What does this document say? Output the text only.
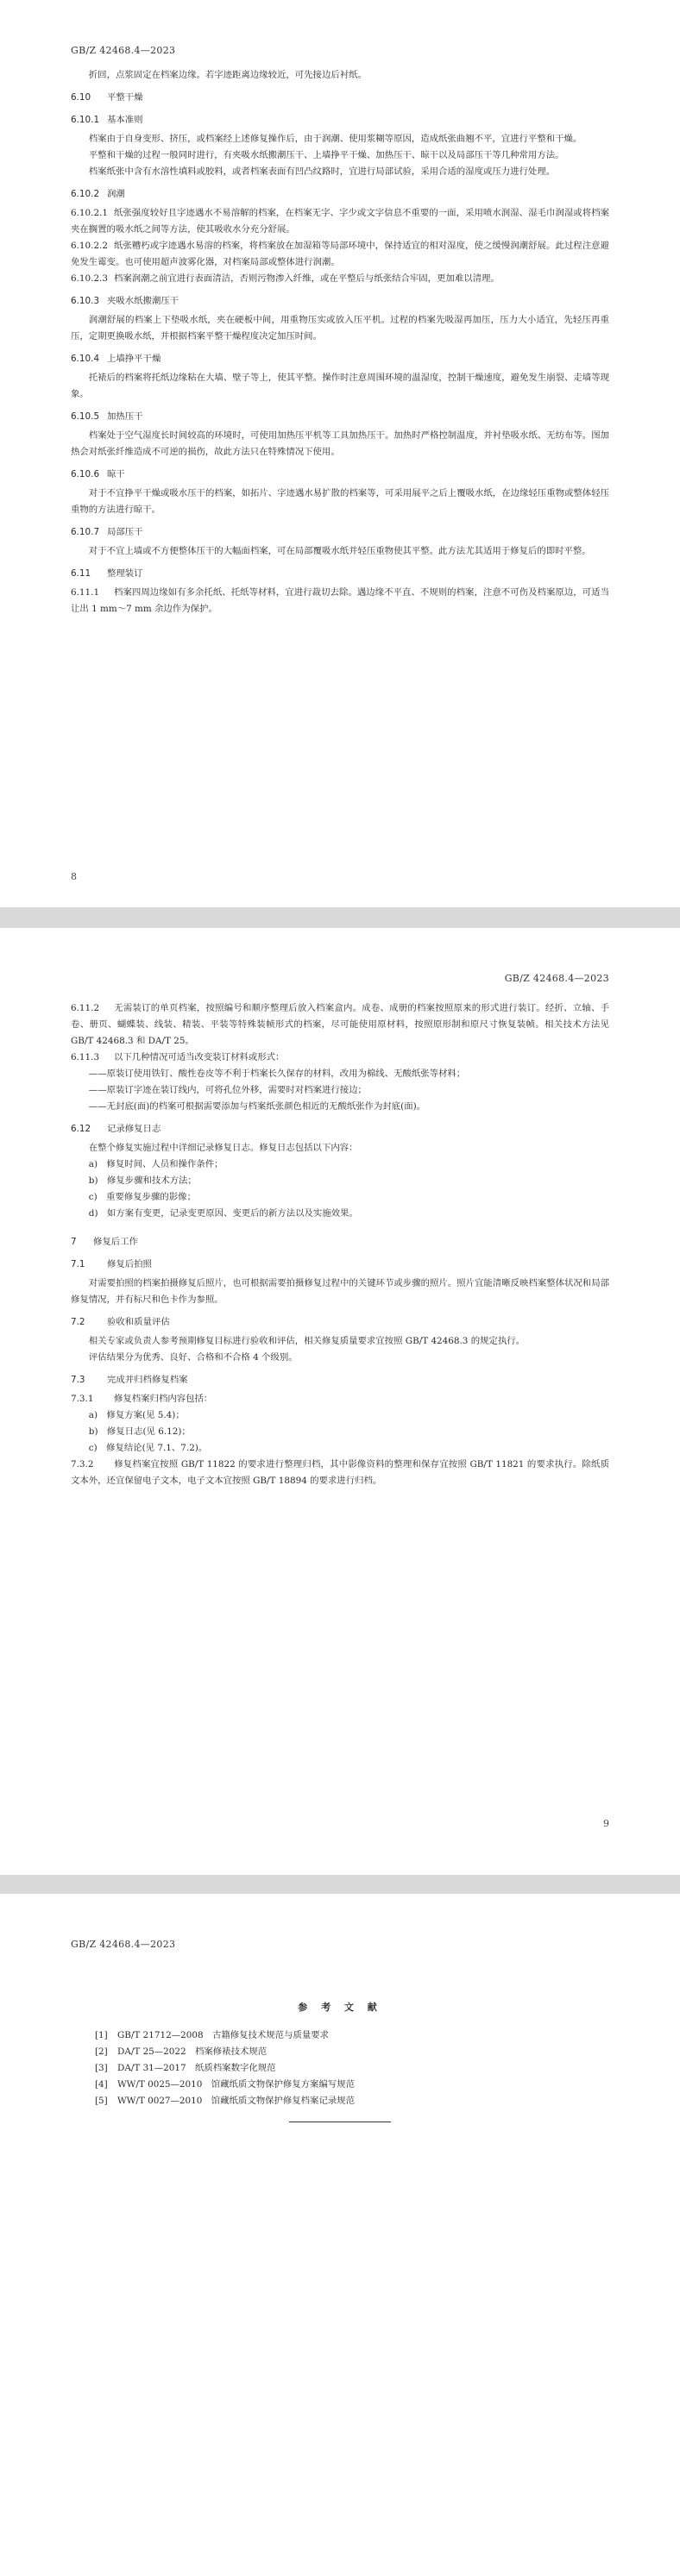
GB/Z 42468.4—2023

折回，点浆固定在档案边缘。若字迹距离边缘较近，可先接边后衬纸。

6.10 平整干燥
6.10.1 基本准则

档案由于自身变形、挤压，或档案经上述修复操作后，由于润潮、使用浆糊等原因，造成纸张曲翘不平，宜进行平整和干燥。

平整和干燥的过程一般同时进行，有夹吸水纸搬潮压干、上墙挣平干燥、加热压干、晾干以及局部压干等几种常用方法。

档案纸张中含有水溶性填料或胶料，或者档案表面有凹凸纹路时，宜进行局部试验，采用合适的湿度或压力进行处理。

6.10.2 润潮

6.10.2.1 纸张强度较好且字迹遇水不易溶解的档案，在档案无字、字少或文字信息不重要的一面，采用喷水润湿、湿毛巾润湿或将档案夹在搁置的吸水纸之间等方法，使其吸收水分充分舒展。

6.10.2.2 纸张糟朽或字迹遇水易溶的档案，将档案放在加湿箱等局部环境中，保持适宜的相对湿度，使之缓慢润潮舒展。此过程注意避免发生霉变。也可使用超声波雾化器，对档案局部或整体进行润潮。

6.10.2.3 档案润潮之前宜进行表面清洁，否则污物渗入纤维，或在平整后与纸张结合牢固，更加难以清理。

6.10.3 夹吸水纸搬潮压干

润潮舒展的档案上下垫吸水纸，夹在硬板中间，用重物压实或放入压平机。过程的档案先吸湿再加压，压力大小适宜，先轻压再重压，定期更换吸水纸，并根据档案平整干燥程度决定加压时间。

6.10.4 上墙挣平干燥

托裱后的档案将托纸边缘粘在大墙、壁子等上，使其平整。操作时注意周围环境的温湿度，控制干燥速度，避免发生崩裂、走墙等现象。

6.10.5 加热压干

档案处于空气湿度长时间较高的环境时，可使用加热压平机等工具加热压干。加热时严格控制温度，并衬垫吸水纸、无纺布等。图加热会对纸张纤维造成不可逆的损伤，故此方法只在特殊情况下使用。

6.10.6 晾干

对于不宜挣平干燥或吸水压干的档案，如拓片、字迹遇水易扩散的档案等，可采用展平之后上覆吸水纸，在边缘轻压重物或整体轻压重物的方法进行晾干。

6.10.7 局部压干

对于不宜上墙或不方便整体压干的大幅面档案，可在局部覆吸水纸并轻压重物使其平整。此方法尤其适用于修复后的即时平整。

6.11 整理装订

6.11.1 档案四周边缘如有多余托纸、托纸等材料，宜进行裁切去除。遇边缘不平直、不规则的档案，注意不可伤及档案原边，可适当让出 1 mm～7 mm 余边作为保护。

8
GB/Z 42468.4—2023

6.11.2 无需装订的单页档案，按照编号和顺序整理后放入档案盒内。成卷、成册的档案按照原来的形式进行装订。经折、立轴、手卷、册页、蝴蝶装、线装、精装、平装等特殊装帧形式的档案，尽可能使用原材料，按照原形制和原尺寸恢复装帧。相关技术方法见 GB/T 42468.3 和 DA/T 25。

6.11.3 以下几种情况可适当改变装订材料或形式：

——原装订使用铁钉、酸性卷皮等不利于档案长久保存的材料，改用为棉线、无酸纸张等材料；

——原装订字迹在装订线内，可将孔位外移，需要时对档案进行接边；

——无封底(面)的档案可根据需要添加与档案纸张颜色相近的无酸纸张作为封底(面)。

6.12 记录修复日志

在整个修复实施过程中详细记录修复日志。修复日志包括以下内容：

a)　修复时间、人员和操作条件；

b)　修复步骤和技术方法；

c)　重要修复步骤的影像；

d)　如方案有变更，记录变更原因、变更后的新方法以及实施效果。

7 修复后工作
7.1 修复后拍照

对需要拍照的档案拍摄修复后照片，也可根据需要拍摄修复过程中的关键环节或步骤的照片。照片宜能清晰反映档案整体状况和局部修复情况，并有标尺和色卡作为参照。

7.2 验收和质量评估

相关专家或负责人参考预期修复目标进行验收和评估，相关修复质量要求宜按照 GB/T 42468.3 的规定执行。

评估结果分为优秀、良好、合格和不合格 4 个级别。

7.3 完成并归档修复档案

7.3.1 修复档案归档内容包括：

a)　修复方案(见 5.4)；

b)　修复日志(见 6.12)；

c)　修复结论(见 7.1、7.2)。

7.3.2 修复档案宜按照 GB/T 11822 的要求进行整理归档，其中影像资料的整理和保存宜按照 GB/T 11821 的要求执行。除纸质文本外，还宜保留电子文本，电子文本宜按照 GB/T 18894 的要求进行归档。

9
GB/Z 42468.4—2023
参 考 文 献
[1] GB/T 21712—2008　古籍修复技术规范与质量要求
[2] DA/T 25—2022　档案修裱技术规范
[3] DA/T 31—2017　纸质档案数字化规范
[4] WW/T 0025—2010　馆藏纸质文物保护修复方案编写规范
[5] WW/T 0027—2010　馆藏纸质文物保护修复档案记录规范
